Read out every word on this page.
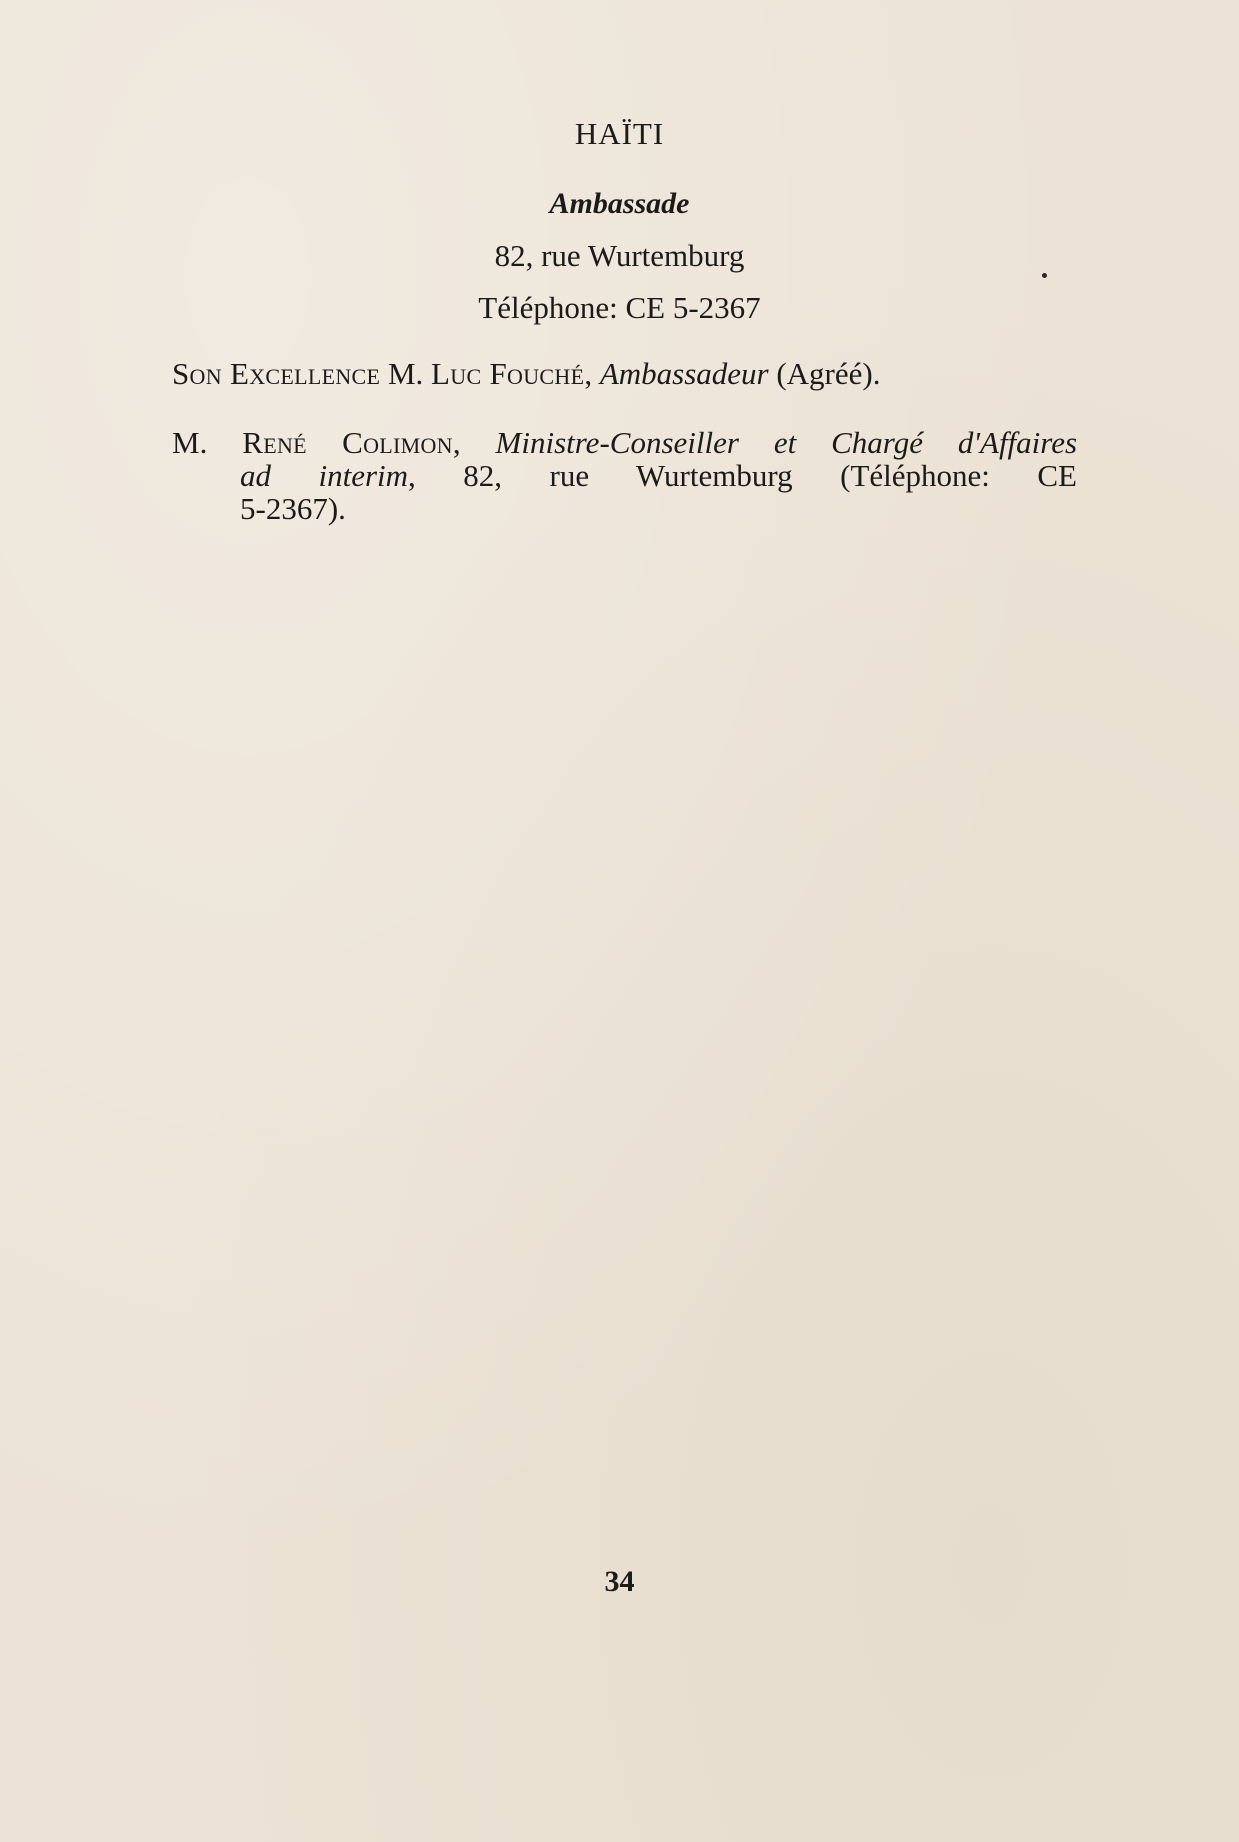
HAÏTI
Ambassade
82, rue Wurtemburg
Téléphone: CE 5-2367
Son Excellence M. Luc Fouché, Ambassadeur (Agréé).
M. René Colimon, Ministre-Conseiller et Chargé d'Affaires
ad interim, 82, rue Wurtemburg (Téléphone: CE
5-2367).
34
